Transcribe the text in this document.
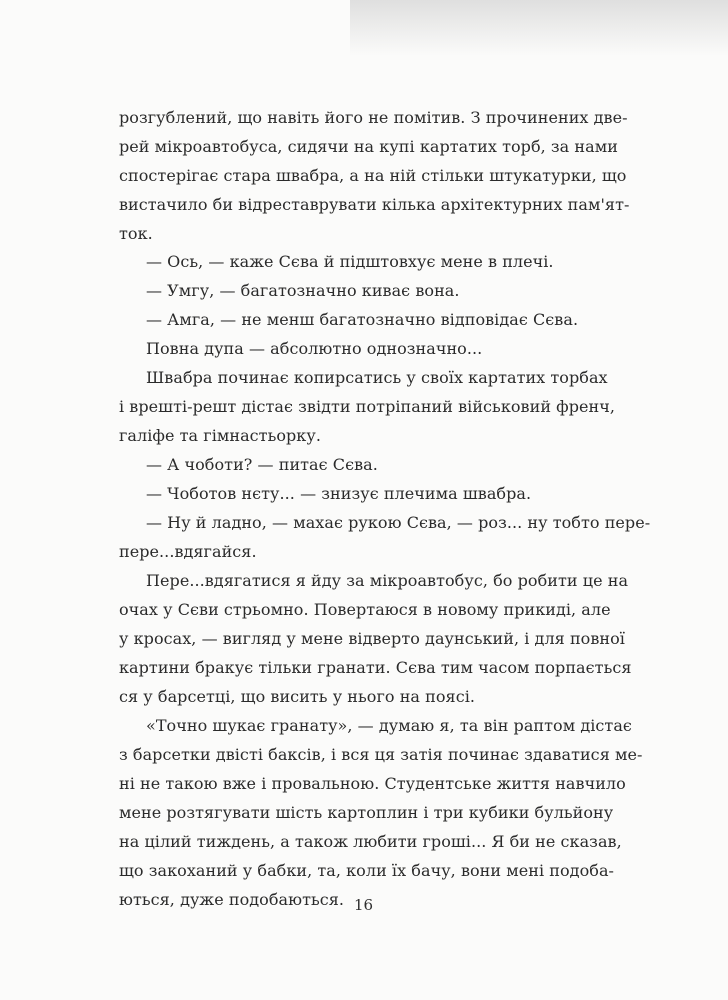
розгублений, що навіть його не помітив. З прочинених две-
рей мікроавтобуса, сидячи на купі картатих торб, за нами
спостерігає стара швабра, а на ній стільки штукатурки, що
вистачило би відреставрувати кілька архітектурних пам'ят-
ток.
— Ось, — каже Сєва й підштовхує мене в плечі.
— Умгу, — багатозначно киває вона.
— Амга, — не менш багатозначно відповідає Сєва.
Повна дупа — абсолютно однозначно...
Швабра починає копирсатись у своїх картатих торбах
і врешті-решт дістає звідти потріпаний військовий френч,
галіфе та гімнастьорку.
— А чоботи? — питає Сєва.
— Чоботов нєту... — знизує плечима швабра.
— Ну й ладно, — махає рукою Сєва, — роз... ну тобто пере-
пере...вдягайся.
Пере...вдягатися я йду за мікроавтобус, бо робити це на
очах у Сєви стрьомно. Повертаюся в новому прикиді, але
у кросах, — вигляд у мене відверто даунський, і для повної
картини бракує тільки гранати. Сєва тим часом порпається
ся у барсетці, що висить у нього на поясі.
«Точно шукає гранату», — думаю я, та він раптом дістає
з барсетки двісті баксів, і вся ця затія починає здаватися ме-
ні не такою вже і провальною. Студентське життя навчило
мене розтягувати шість картоплин і три кубики бульйону
на цілий тиждень, а також любити гроші... Я би не сказав,
що закоханий у бабки, та, коли їх бачу, вони мені подоба-
ються, дуже подобаються. 16
